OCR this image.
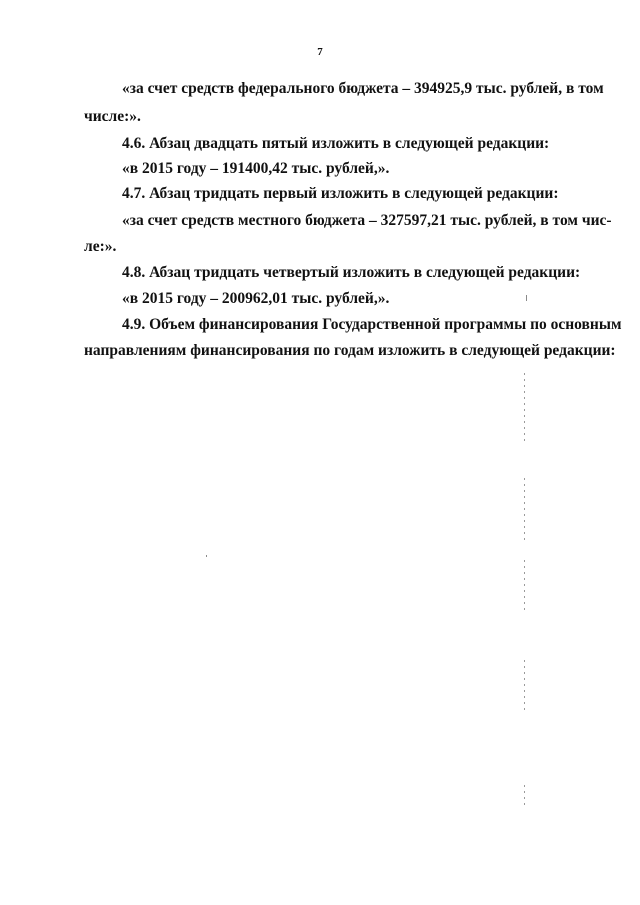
7
«за счет средств федерального бюджета – 394925,9 тыс. рублей, в том
числе:».
4.6. Абзац двадцать пятый изложить в следующей редакции:
«в 2015 году – 191400,42 тыс. рублей,».
4.7. Абзац тридцать первый изложить в следующей редакции:
«за счет средств местного бюджета – 327597,21 тыс. рублей, в том чис-
ле:».
4.8. Абзац тридцать четвертый изложить в следующей редакции:
«в 2015 году – 200962,01 тыс. рублей,».
4.9. Объем финансирования Государственной программы по основным
направлениям финансирования по годам изложить в следующей редакции:
